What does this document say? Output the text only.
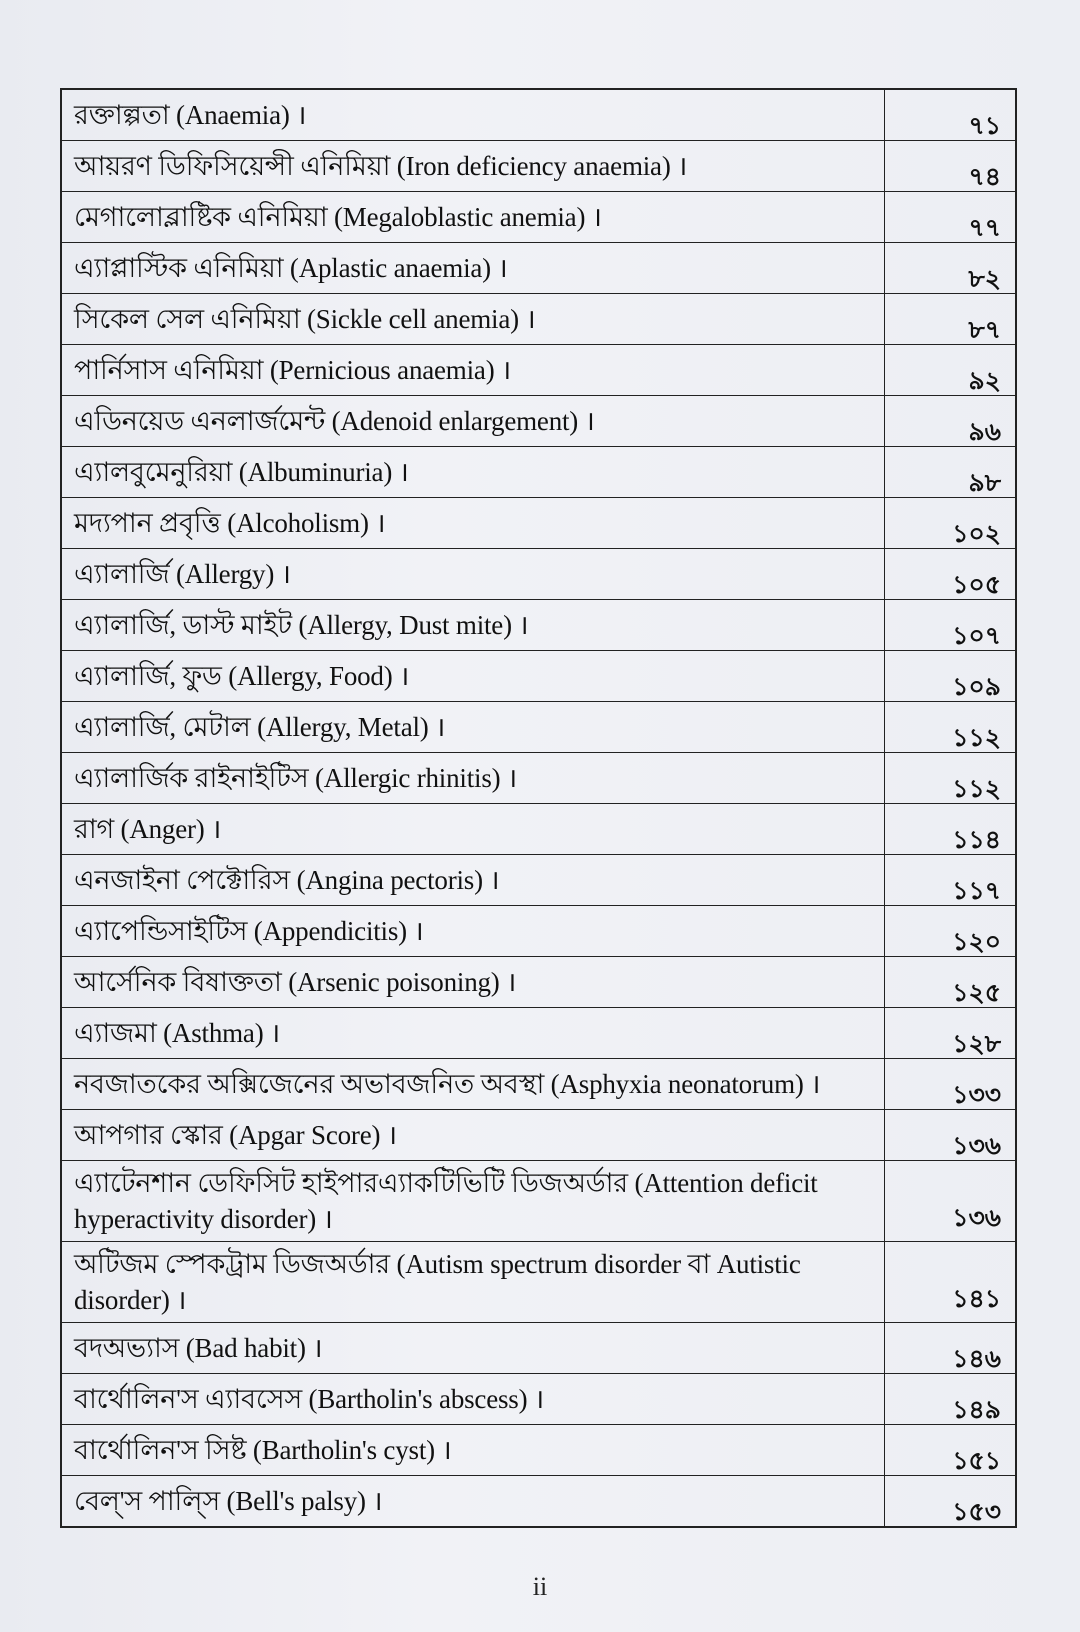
রক্তাল্পতা (Anaemia) ।	৭১
আয়রণ ডিফিসিয়েন্সী এনিমিয়া (Iron deficiency anaemia) ।	৭৪
মেগালোব্লাষ্টিক এনিমিয়া (Megaloblastic anemia) ।	৭৭
এ্যাপ্লাস্টিক এনিমিয়া (Aplastic anaemia) ।	৮২
সিকেল সেল এনিমিয়া (Sickle cell anemia) ।	৮৭
পার্নিসাস এনিমিয়া (Pernicious anaemia) ।	৯২
এডিনয়েড এনলার্জমেন্ট (Adenoid enlargement) ।	৯৬
এ্যালবুমেনুরিয়া (Albuminuria) ।	৯৮
মদ্যপান প্রবৃত্তি (Alcoholism) ।	১০২
এ্যালার্জি (Allergy) ।	১০৫
এ্যালার্জি, ডাস্ট মাইট (Allergy, Dust mite) ।	১০৭
এ্যালার্জি, ফুড (Allergy, Food) ।	১০৯
এ্যালার্জি, মেটাল (Allergy, Metal) ।	১১২
এ্যালার্জিক রাইনাইটিস (Allergic rhinitis) ।	১১২
রাগ (Anger) ।	১১৪
এনজাইনা পেক্টোরিস (Angina pectoris) ।	১১৭
এ্যাপেন্ডিসাইটিস (Appendicitis) ।	১২০
আর্সেনিক বিষাক্ততা (Arsenic poisoning) ।	১২৫
এ্যাজমা (Asthma) ।	১২৮
নবজাতকের অক্সিজেনের অভাবজনিত অবস্থা (Asphyxia neonatorum) ।	১৩৩
আপগার স্কোর (Apgar Score) ।	১৩৬
এ্যাটেনশান ডেফিসিট হাইপারএ্যাকটিভিটি ডিজঅর্ডার (Attention deficit hyperactivity disorder) ।	১৩৬
অটিজম স্পেকট্রাম ডিজঅর্ডার (Autism spectrum disorder বা Autistic disorder) ।	১৪১
বদঅভ্যাস (Bad habit) ।	১৪৬
বার্থোলিন'স এ্যাবসেস (Bartholin's abscess) ।	১৪৯
বার্থোলিন'স সিষ্ট (Bartholin's cyst) ।	১৫১
বেল্'স পাল্সি (Bell's palsy) ।	১৫৩
ii
